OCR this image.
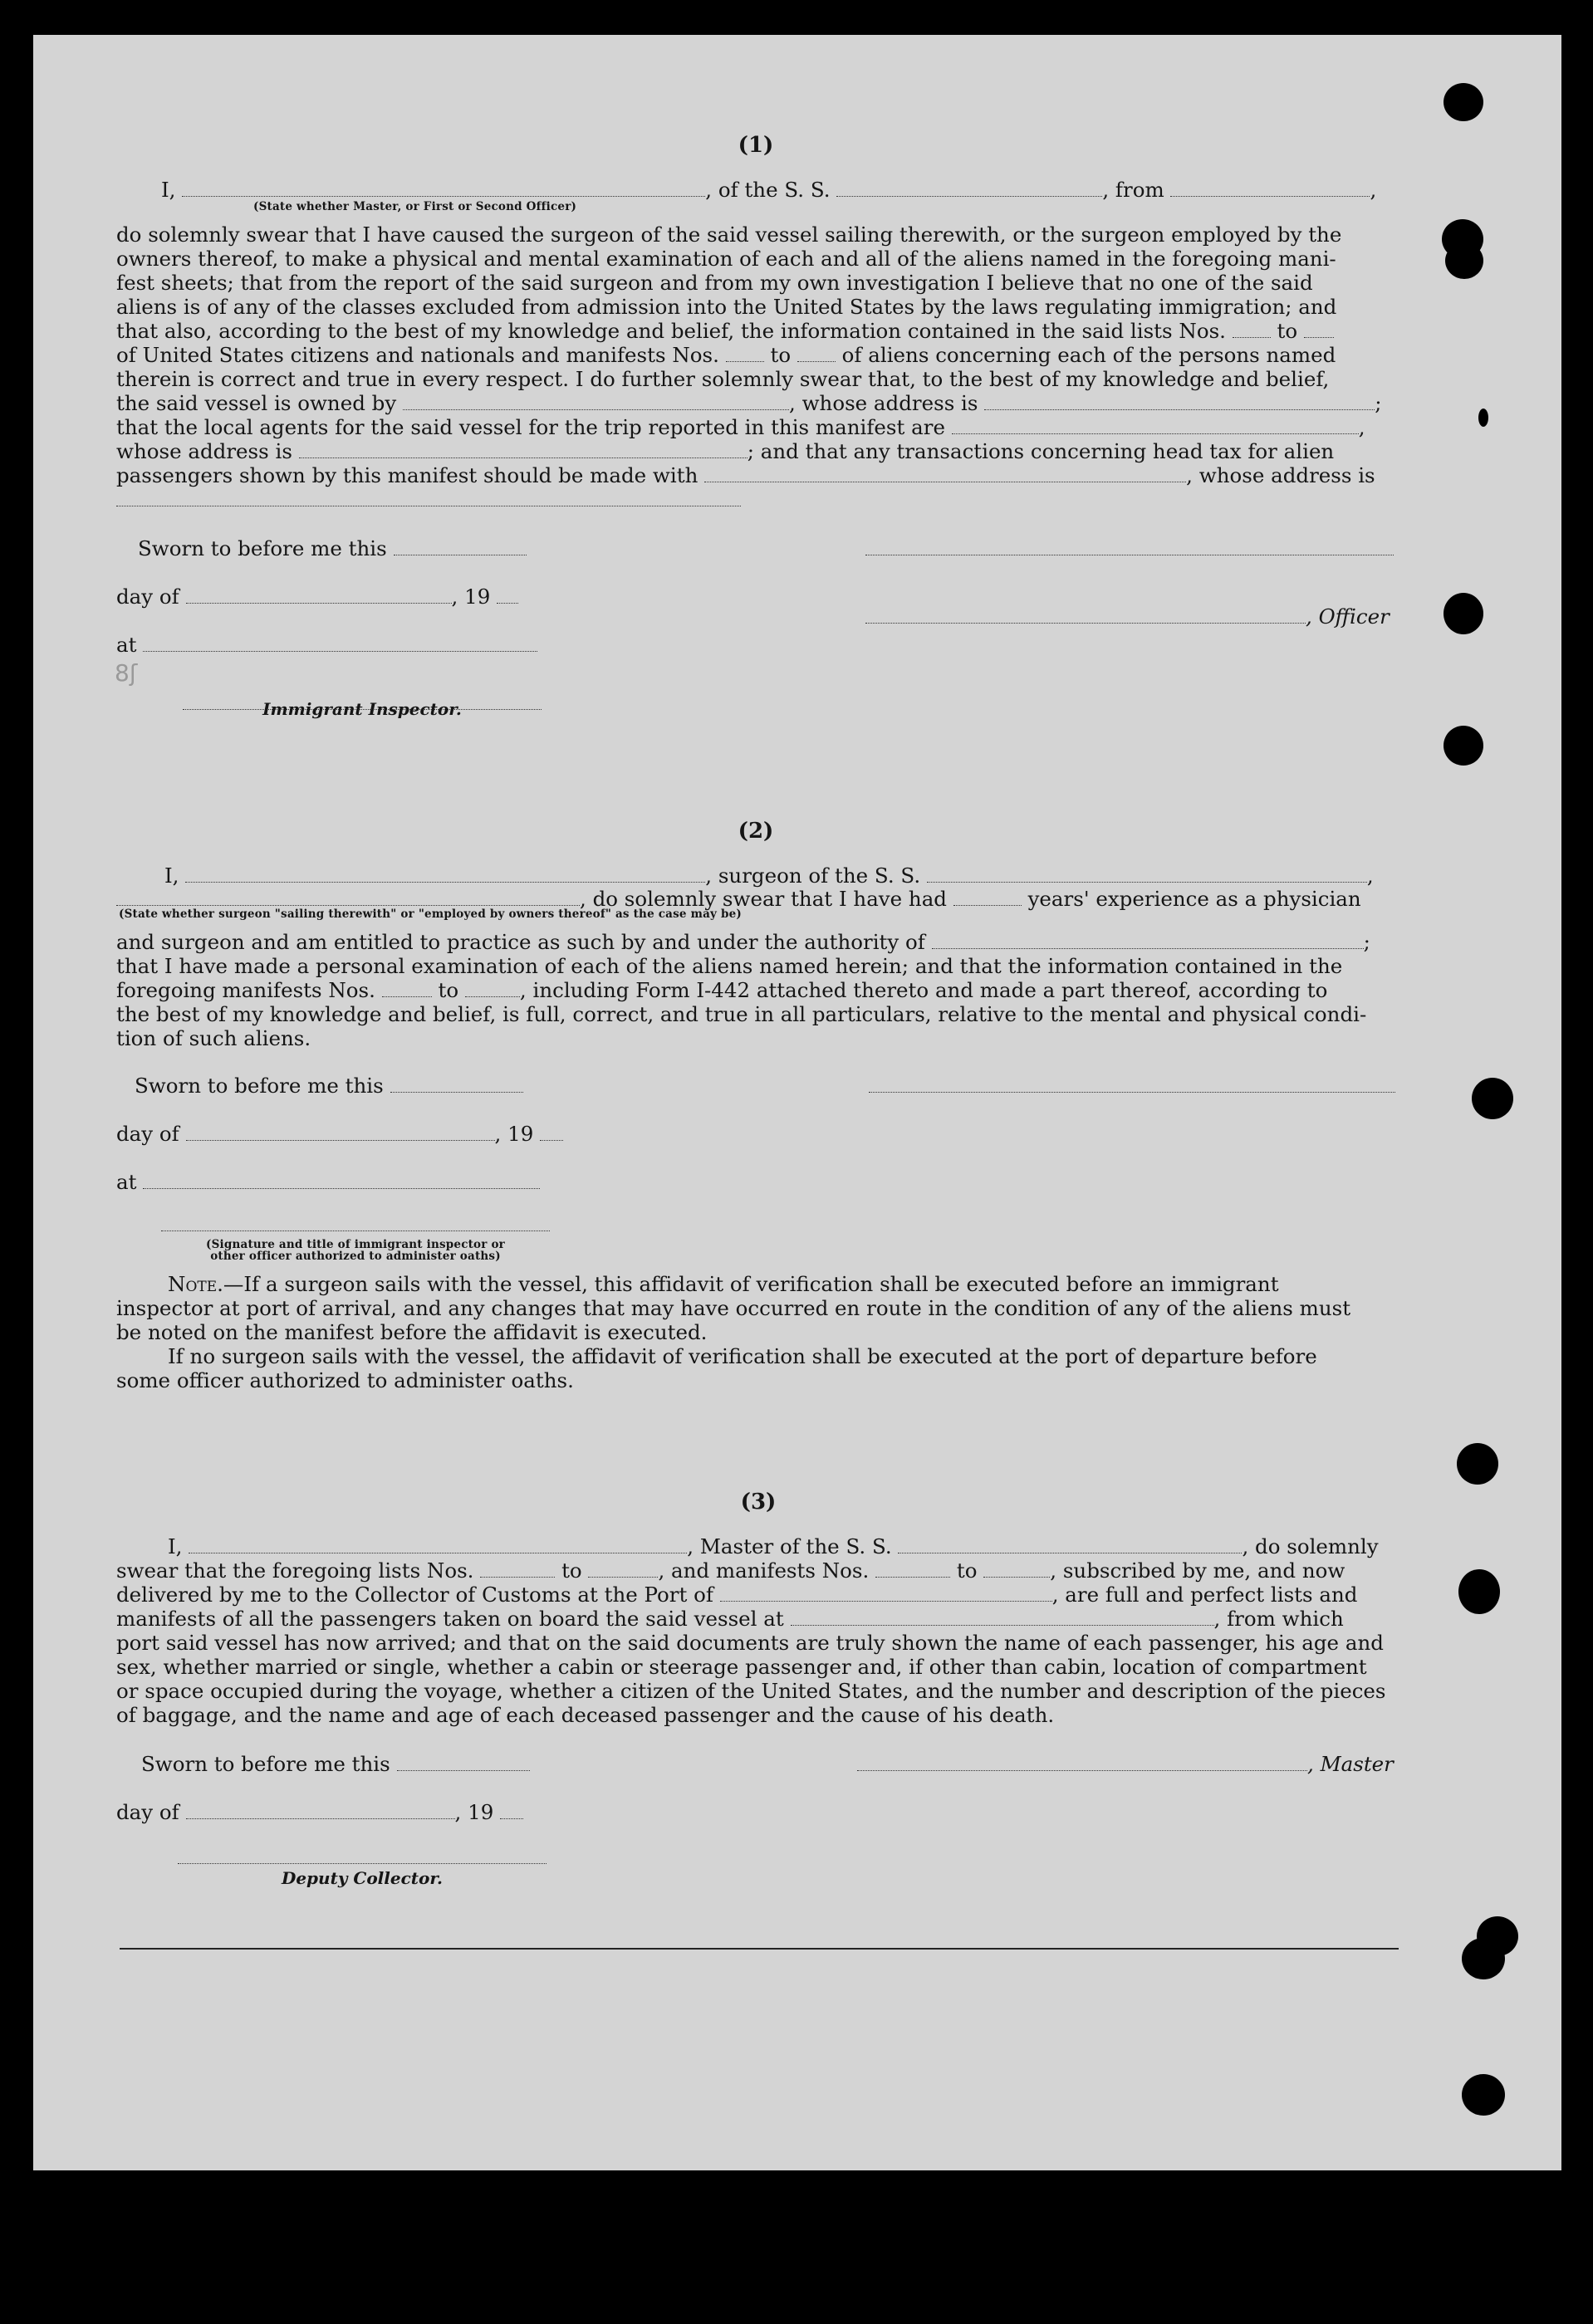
(1)
I,	, of the S. S.	, from	,
(State whether Master, or First or Second Officer)
do solemnly swear that I have caused the surgeon of the said vessel sailing therewith, or the surgeon employed by the
owners thereof, to make a physical and mental examination of each and all of the aliens named in the foregoing mani-
fest sheets; that from the report of the said surgeon and from my own investigation I believe that no one of the said
aliens is of any of the classes excluded from admission into the United States by the laws regulating immigration; and
that also, according to the best of my knowledge and belief, the information contained in the said lists Nos.	to
of United States citizens and nationals and manifests Nos.	to	of aliens concerning each of the persons named
therein is correct and true in every respect. I do further solemnly swear that, to the best of my knowledge and belief,
the said vessel is owned by	, whose address is	;
that the local agents for the said vessel for the trip reported in this manifest are	,
whose address is	; and that any transactions concerning head tax for alien
passengers shown by this manifest should be made with	, whose address is
Sworn to before me this
day of	, 19
, Officer
at
8ʃ
Immigrant Inspector.
(2)
I,	, surgeon of the S. S.	,
, do solemnly swear that I have had	years' experience as a physician
(State whether surgeon "sailing therewith" or "employed by owners thereof" as the case may be)
and surgeon and am entitled to practice as such by and under the authority of	;
that I have made a personal examination of each of the aliens named herein; and that the information contained in the
foregoing manifests Nos.	to	, including Form I-442 attached thereto and made a part thereof, according to
the best of my knowledge and belief, is full, correct, and true in all particulars, relative to the mental and physical condi-
tion of such aliens.
Sworn to before me this
day of	, 19
at
(Signature and title of immigrant inspector or
other officer authorized to administer oaths)
Note.—If a surgeon sails with the vessel, this affidavit of verification shall be executed before an immigrant
inspector at port of arrival, and any changes that may have occurred en route in the condition of any of the aliens must
be noted on the manifest before the affidavit is executed.
If no surgeon sails with the vessel, the affidavit of verification shall be executed at the port of departure before
some officer authorized to administer oaths.
(3)
I,	, Master of the S. S.	, do solemnly
swear that the foregoing lists Nos.	to	, and manifests Nos.	to	, subscribed by me, and now
delivered by me to the Collector of Customs at the Port of	, are full and perfect lists and
manifests of all the passengers taken on board the said vessel at	, from which
port said vessel has now arrived; and that on the said documents are truly shown the name of each passenger, his age and
sex, whether married or single, whether a cabin or steerage passenger and, if other than cabin, location of compartment
or space occupied during the voyage, whether a citizen of the United States, and the number and description of the pieces
of baggage, and the name and age of each deceased passenger and the cause of his death.
Sworn to before me this	, Master
day of	, 19
Deputy Collector.
